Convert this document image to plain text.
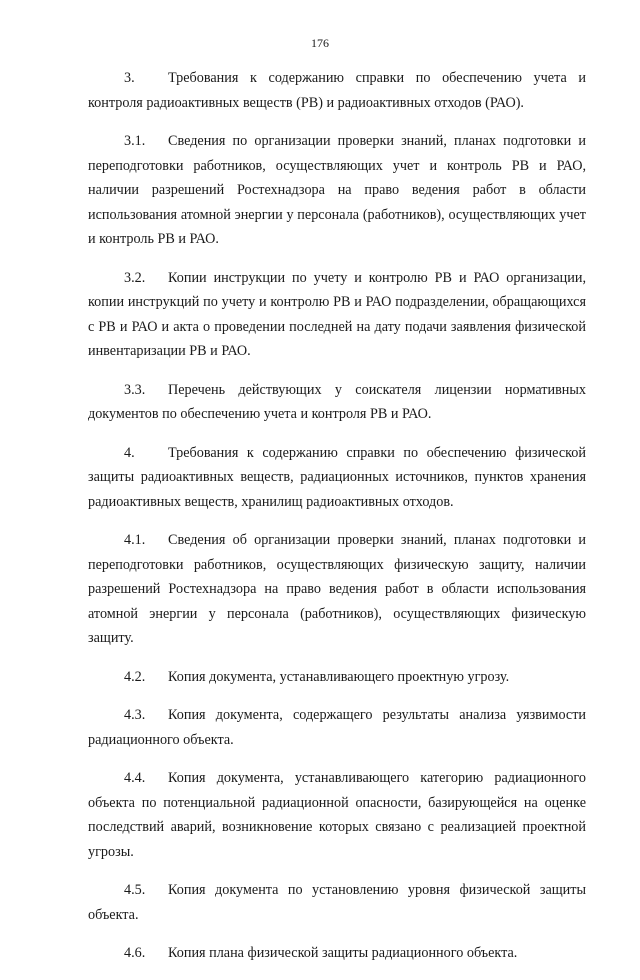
176

3. Требования к содержанию справки по обеспечению учета и контроля радиоактивных веществ (РВ) и радиоактивных отходов (РАО).

3.1. Сведения по организации проверки знаний, планах подготовки и переподготовки работников, осуществляющих учет и контроль РВ и РАО, наличии разрешений Ростехнадзора на право ведения работ в области использования атомной энергии у персонала (работников), осуществляющих учет и контроль РВ и РАО.

3.2. Копии инструкции по учету и контролю РВ и РАО организации, копии инструкций по учету и контролю РВ и РАО подразделении, обращающихся с РВ и РАО и акта о проведении последней на дату подачи заявления физической инвентаризации РВ и РАО.

3.3. Перечень действующих у соискателя лицензии нормативных документов по обеспечению учета и контроля РВ и РАО.

4. Требования к содержанию справки по обеспечению физической защиты радиоактивных веществ, радиационных источников, пунктов хранения радиоактивных веществ, хранилищ радиоактивных отходов.

4.1. Сведения об организации проверки знаний, планах подготовки и переподготовки работников, осуществляющих физическую защиту, наличии разрешений Ростехнадзора на право ведения работ в области использования атомной энергии у персонала (работников), осуществляющих физическую защиту.

4.2. Копия документа, устанавливающего проектную угрозу.

4.3. Копия документа, содержащего результаты анализа уязвимости радиационного объекта.

4.4. Копия документа, устанавливающего категорию радиационного объекта по потенциальной радиационной опасности, базирующейся на оценке последствий аварий, возникновение которых связано с реализацией проектной угрозы.

4.5. Копия документа по установлению уровня физической защиты объекта.

4.6. Копия плана физической защиты радиационного объекта.
